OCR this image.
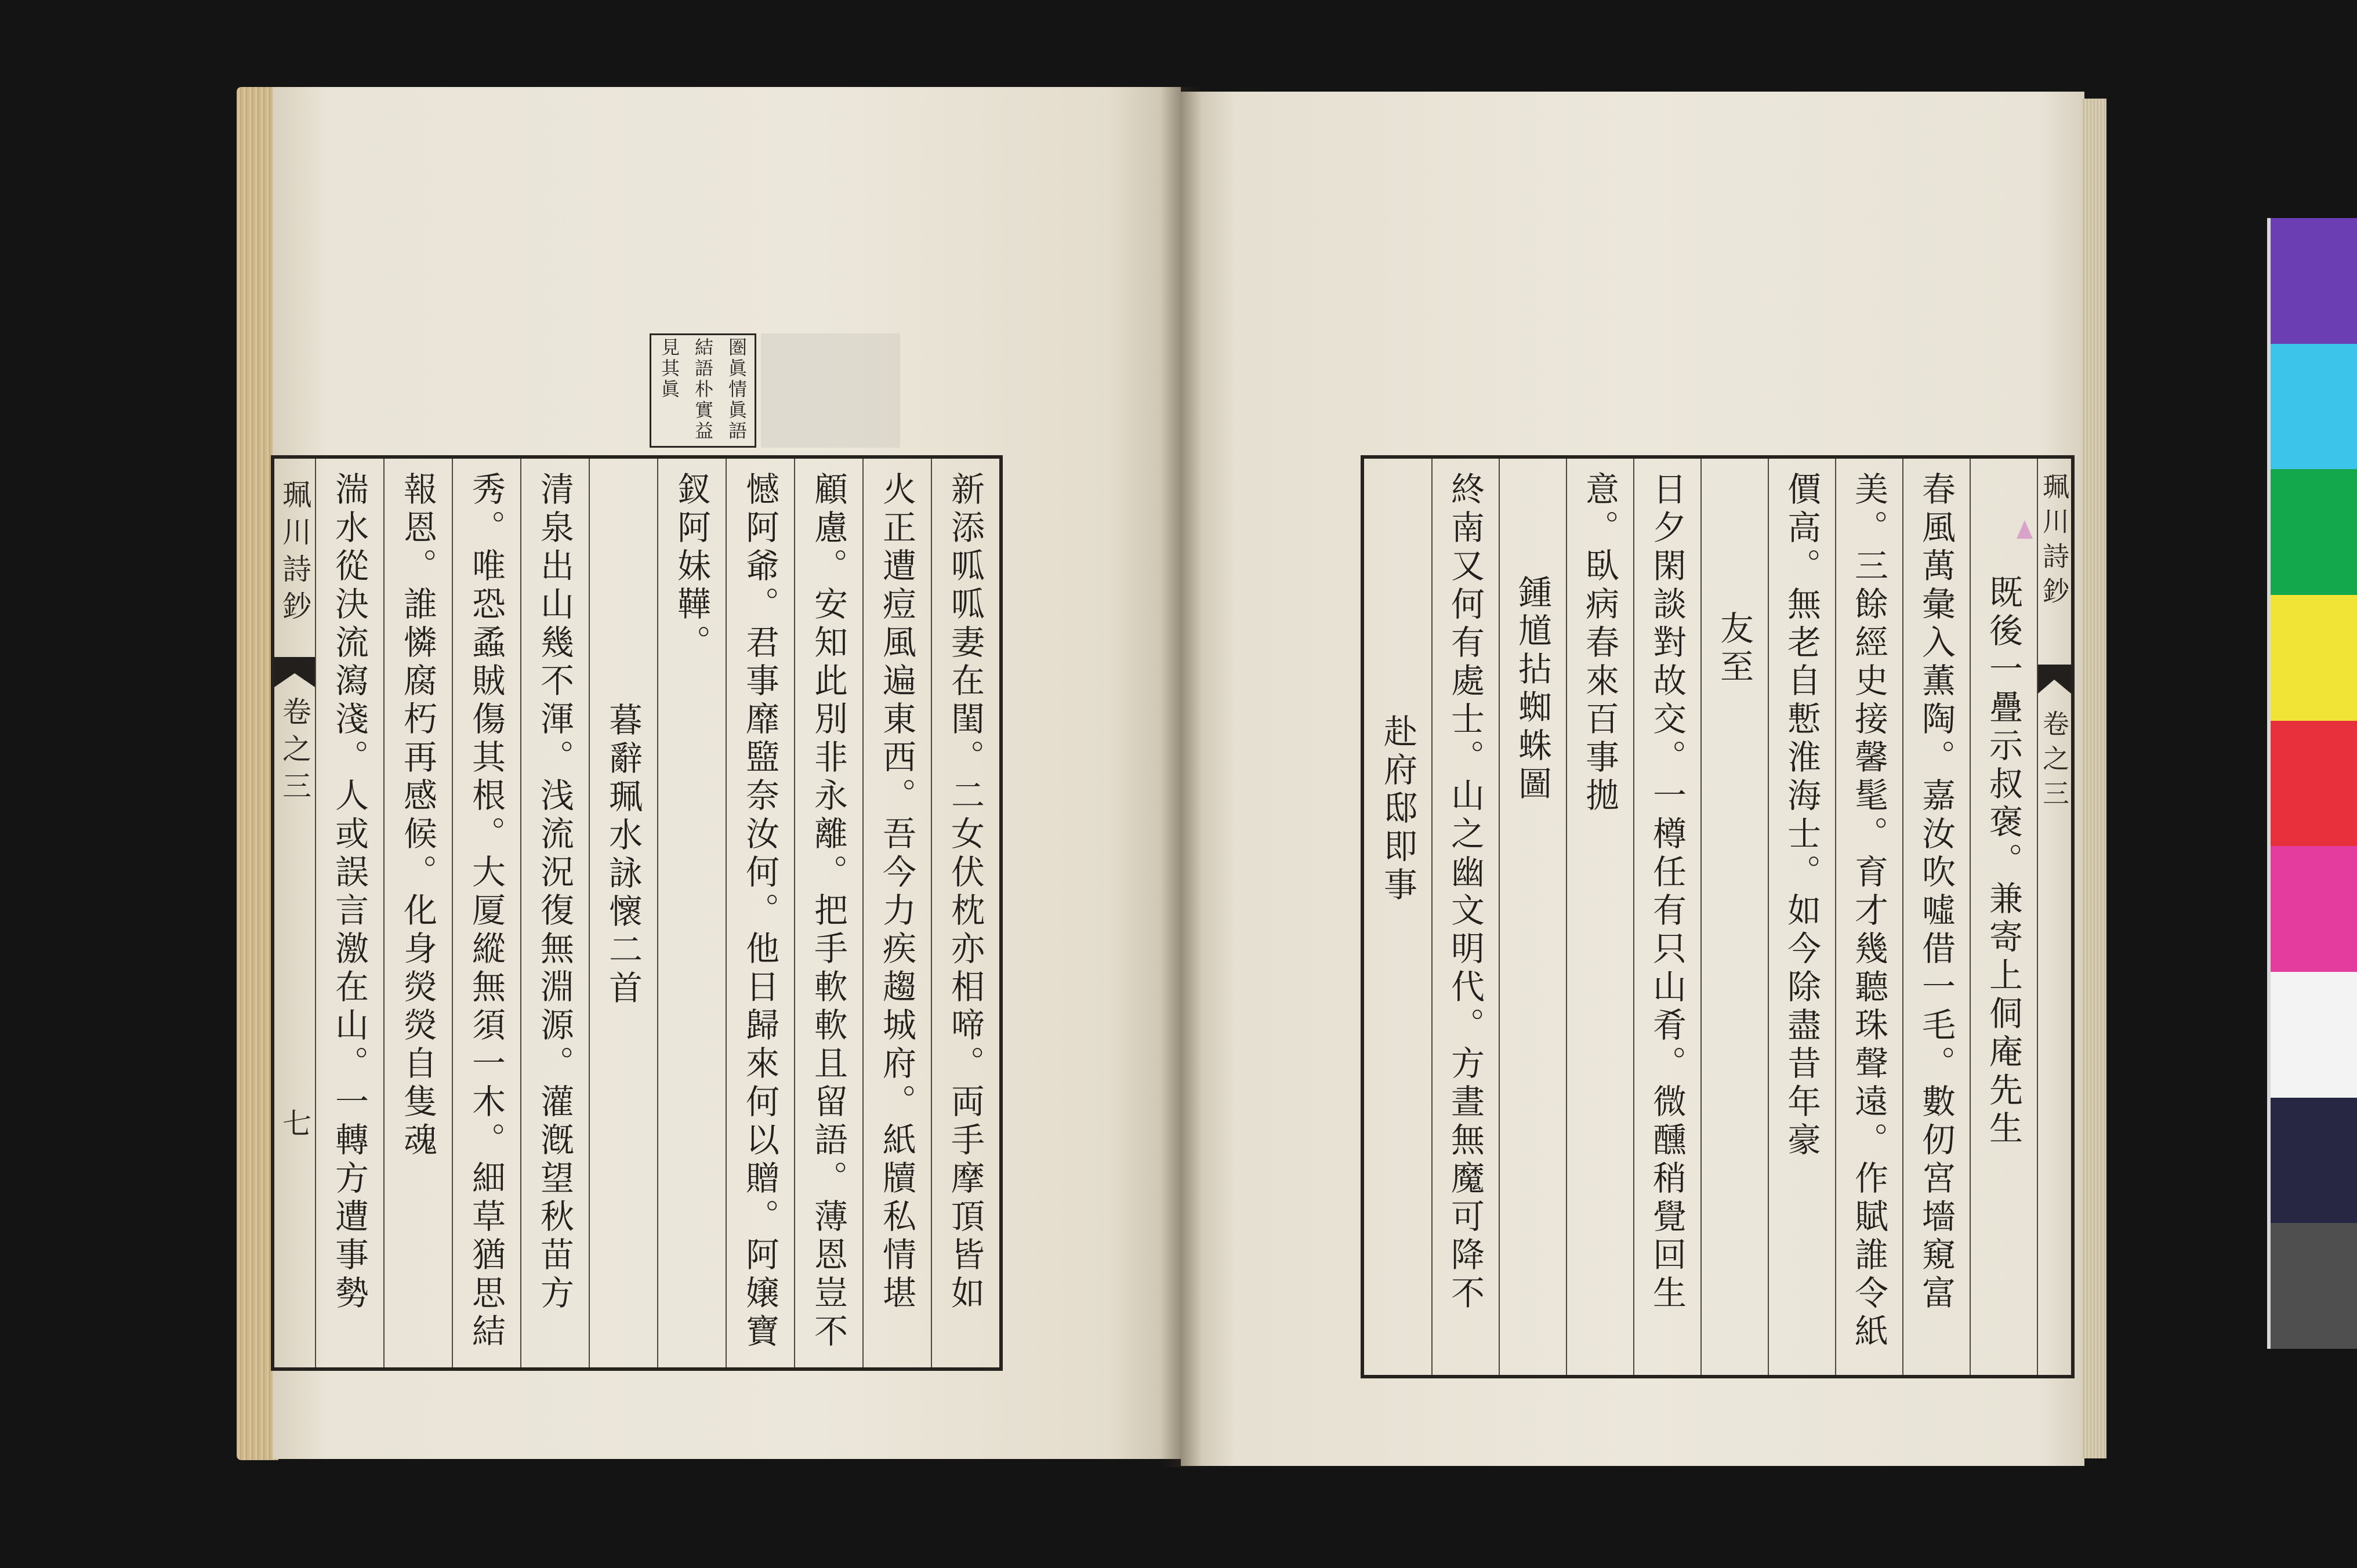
圏眞情眞語
結語朴實益
見其眞
新添呱呱妻在閨。二女伏枕亦相啼。両手摩頂皆如
火正遭痘風遍東西。吾今力疾趨城府。紙牘私情堪
顧慮。安知此別非永離。把手軟軟且留語。薄恩豈不
憾阿爺。君事靡盬奈汝何。他日歸來何以贈。阿嬢寶
釵阿妹鞾。
暮辭珮水詠懷二首
清泉出山幾不渾。浅流況復無淵源。灌漑望秋苗方
秀。唯恐蟊賊傷其根。大厦縱無須一木。細草猶思結
報恩。誰憐腐朽再感候。化身熒熒自隻魂
湍水從決流瀉淺。人或誤言激在山。一轉方遭事勢
珮川詩鈔
卷之三
七
珮川詩鈔
卷之三
既後一疊示叔褒。兼寄上侗庵先生
春風萬彙入薫陶。嘉汝吹噓借一毛。數仞宮墻窺富
美。三餘經史接馨髦。育才幾聽珠聲遠。作賦誰令紙
價高。無老自慙淮海士。如今除盡昔年豪
友至
日夕閑談對故交。一樽任有只山肴。微醺稍覺回生
意。臥病春來百事拋
鍾馗拈蜘蛛圖
終南又何有處士。山之幽文明代。方晝無魔可降不
赴府邸即事
